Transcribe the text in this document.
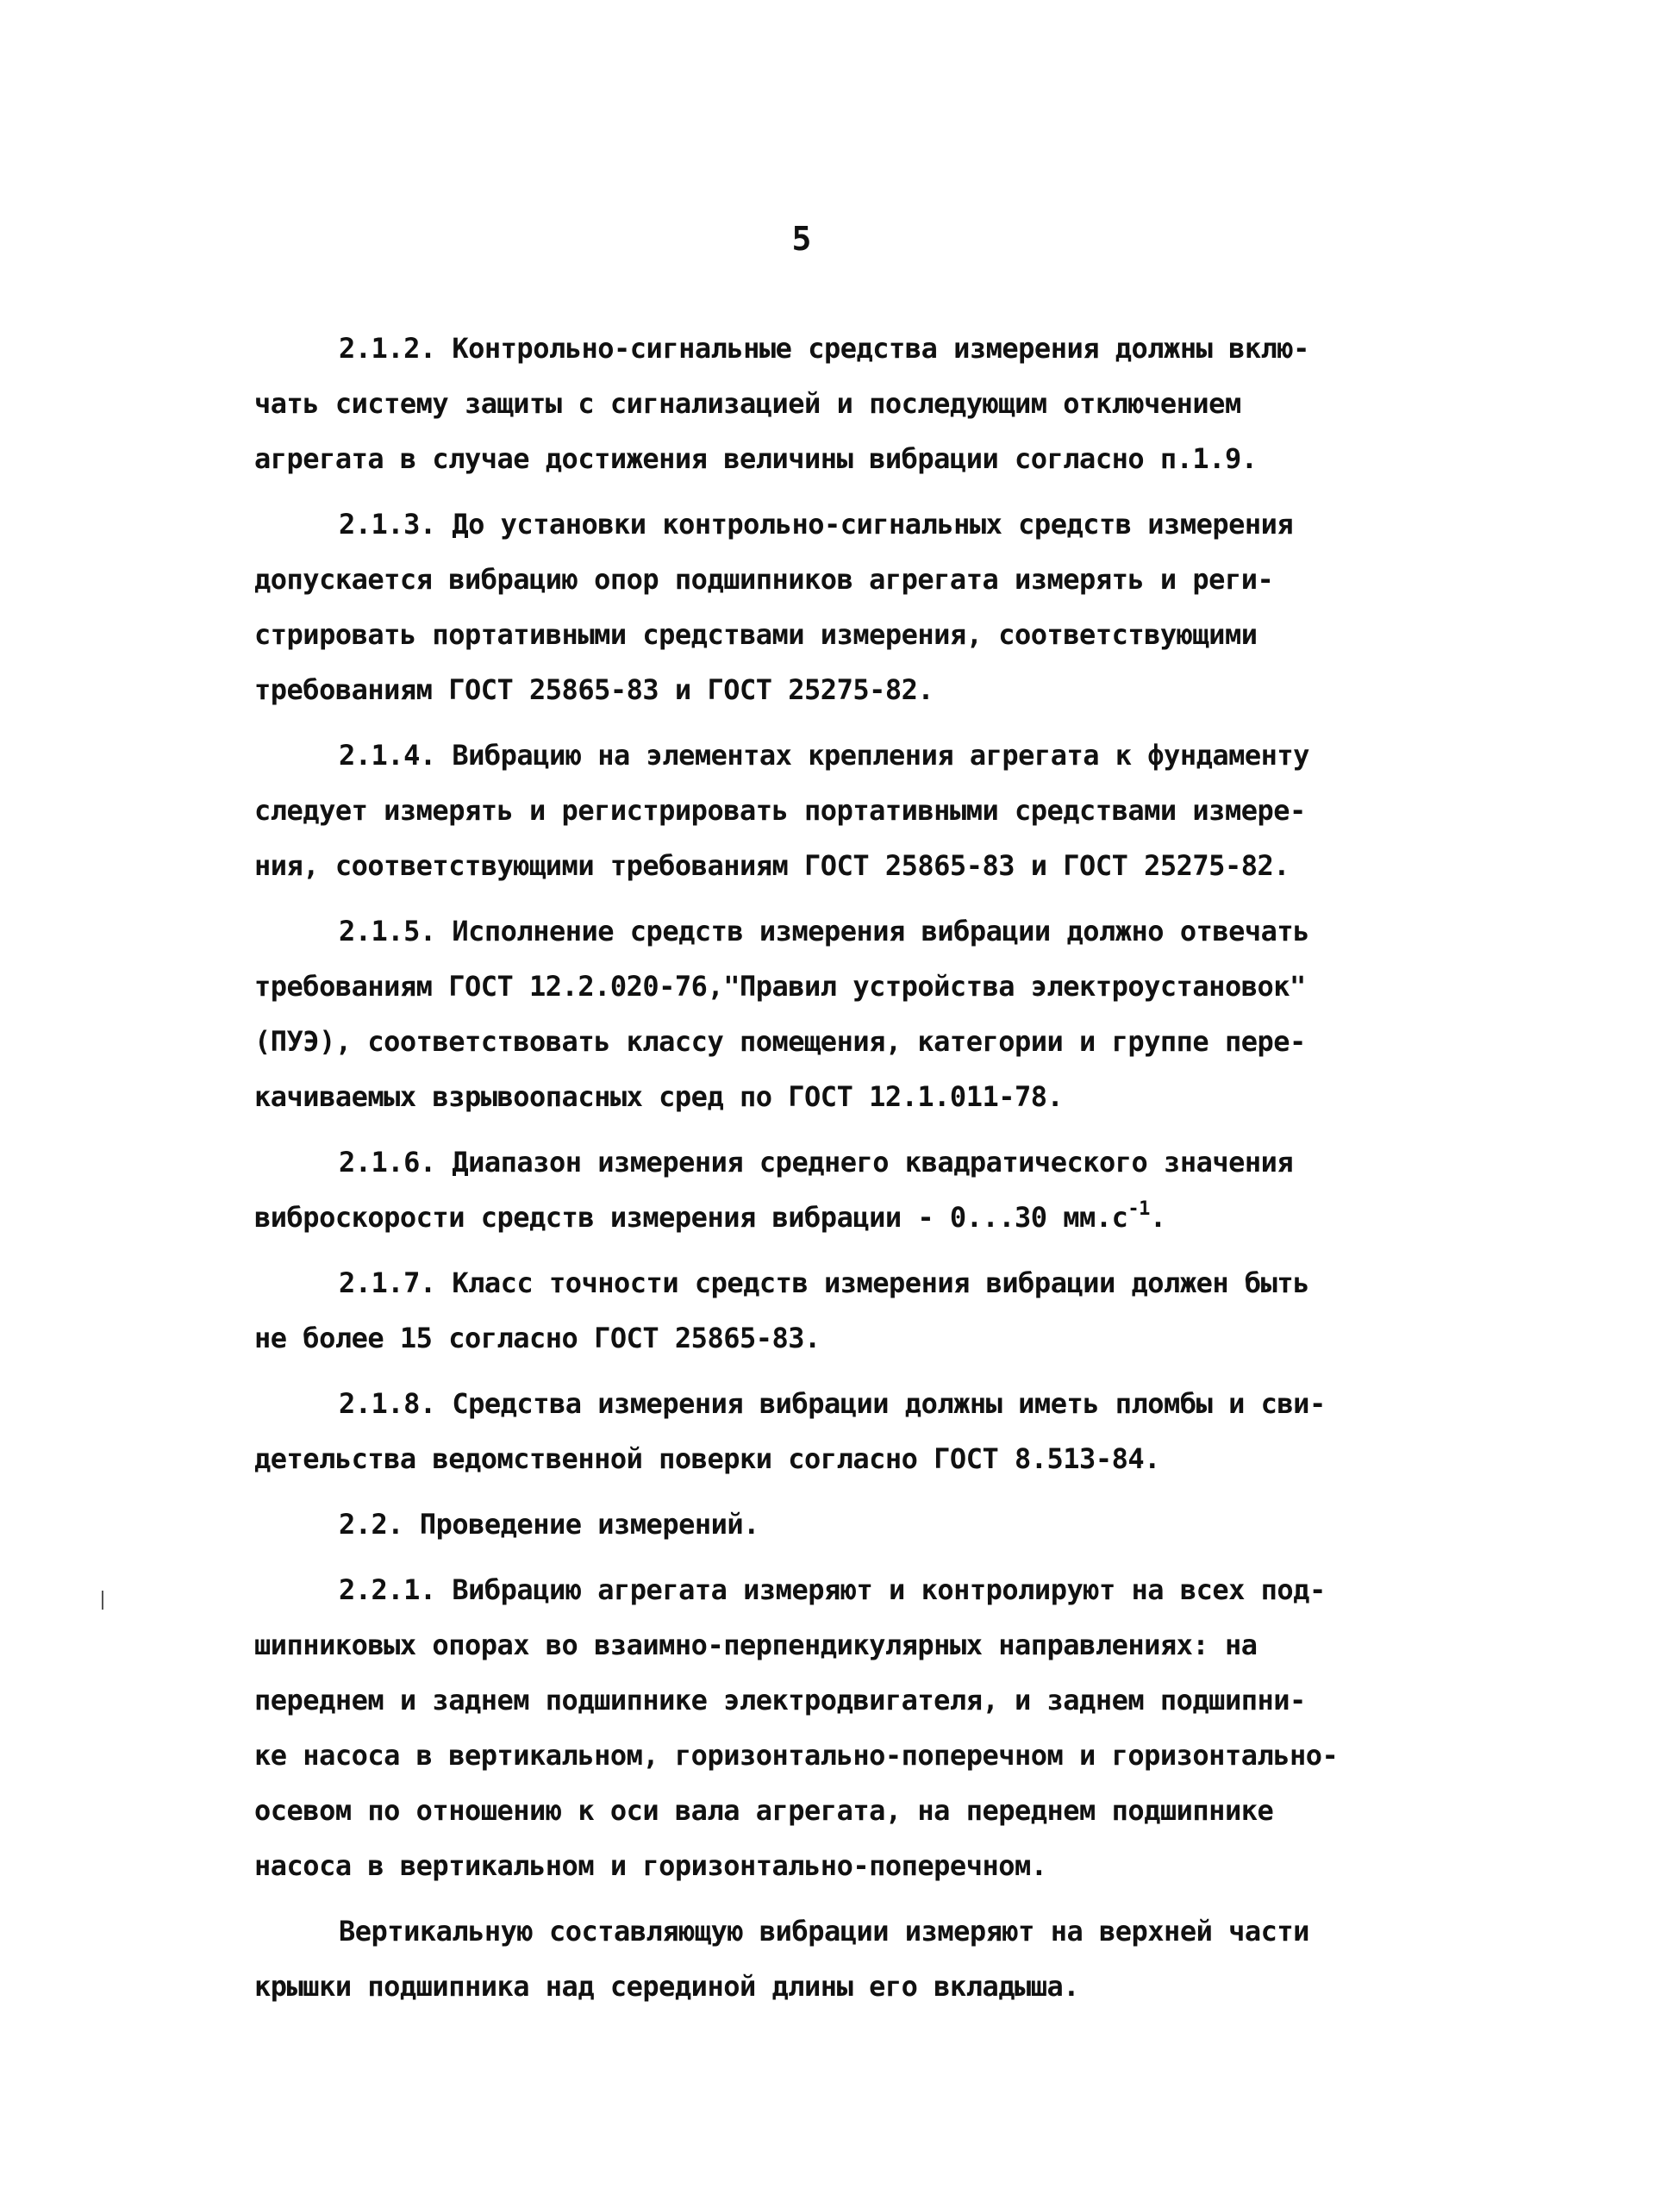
5
2.1.2. Контрольно-сигнальные средства измерения должны вклю-
чать систему защиты с сигнализацией и последующим отключением
агрегата в случае достижения величины вибрации согласно п.1.9.
2.1.3. До установки контрольно-сигнальных средств измерения
допускается вибрацию опор подшипников агрегата измерять и реги-
стрировать портативными средствами измерения, соответствующими
требованиям ГОСТ 25865-83 и ГОСТ 25275-82.
2.1.4. Вибрацию на элементах крепления агрегата к фундаменту
следует измерять и регистрировать портативными средствами измере-
ния, соответствующими требованиям ГОСТ 25865-83 и ГОСТ 25275-82.
2.1.5. Исполнение средств измерения вибрации должно отвечать
требованиям ГОСТ 12.2.020-76,"Правил устройства электроустановок"
(ПУЭ), соответствовать классу помещения, категории и группе пере-
качиваемых взрывоопасных сред по ГОСТ 12.1.011-78.
2.1.6. Диапазон измерения среднего квадратического значения
виброскорости средств измерения вибрации - 0...30 $мм.с^{-1}$.
2.1.7. Класс точности средств измерения вибрации должен быть
не более 15 согласно ГОСТ 25865-83.
2.1.8. Средства измерения вибрации должны иметь пломбы и сви-
детельства ведомственной поверки согласно ГОСТ 8.513-84.
2.2. Проведение измерений.
2.2.1. Вибрацию агрегата измеряют и контролируют на всех под-
шипниковых опорах во взаимно-перпендикулярных направлениях: на
переднем и заднем подшипнике электродвигателя, и заднем подшипни-
ке насоса в вертикальном, горизонтально-поперечном и горизонтально-
осевом по отношению к оси вала агрегата, на переднем подшипнике
насоса в вертикальном и горизонтально-поперечном.
Вертикальную составляющую вибрации измеряют на верхней части
крышки подшипника над серединой длины его вкладыша.
